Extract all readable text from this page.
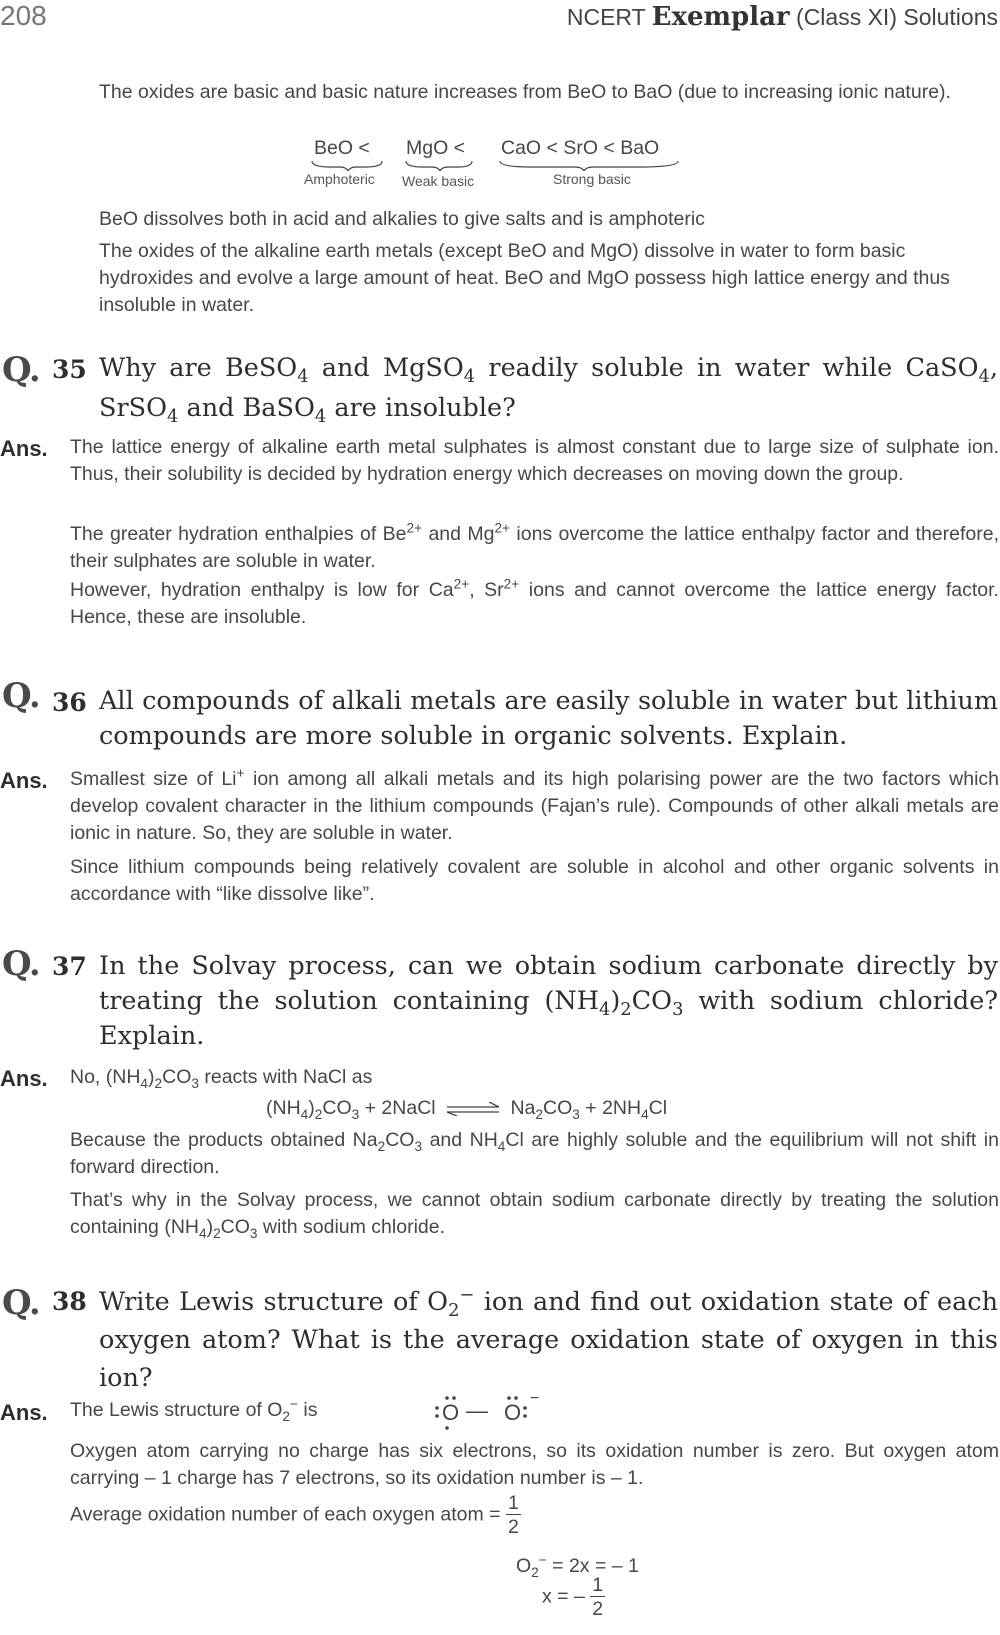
208	NCERT Exemplar (Class XI) Solutions
The oxides are basic and basic nature increases from BeO to BaO (due to increasing ionic nature).
BeO < MgO < CaO < SrO < BaO
Amphoteric Weak basic	Strong basic
BeO dissolves both in acid and alkalies to give salts and is amphoteric
The oxides of the alkaline earth metals (except BeO and MgO) dissolve in water to form basic hydroxides and evolve a large amount of heat. BeO and MgO possess high lattice energy and thus insoluble in water.
Q. 35 Why are BeSO$_4$ and MgSO$_4$ readily soluble in water while CaSO$_4$,
SrSO$_4$ and BaSO$_4$ are insoluble?
Ans. The lattice energy of alkaline earth metal sulphates is almost constant due to large size of sulphate ion. Thus, their solubility is decided by hydration energy which decreases on moving down the group.
The greater hydration enthalpies of $Be^{2+}$ and $Mg^{2+}$ ions overcome the lattice enthalpy factor and therefore, their sulphates are soluble in water.
However, hydration enthalpy is low for $Ca^{2+}$, $Sr^{2+}$ ions and cannot overcome the lattice energy factor. Hence, these are insoluble.
Q. 36 All compounds of alkali metals are easily soluble in water but lithium compounds are more soluble in organic solvents. Explain.
Ans. Smallest size of Li+ ion among all alkali metals and its high polarising power are the two factors which develop covalent character in the lithium compounds (Fajan’s rule). Compounds of other alkali metals are ionic in nature. So, they are soluble in water.
Since lithium compounds being relatively covalent are soluble in alcohol and other organic solvents in accordance with “like dissolve like”.
Q. 37 In the Solvay process, can we obtain sodium carbonate directly by treating the solution containing $(NH_4)_2CO_3$ with sodium chloride? Explain.
Ans. No, $(NH_4)_2CO_3$ reacts with NaCl as
$(NH_4)_2CO_3$ + 2NaCl ⇌ $Na_2CO_3 + 2NH_4Cl$
Because the products obtained $Na_2CO_3$ and $NH_4Cl$ are highly soluble and the equilibrium will not shift in forward direction.
That’s why in the Solvay process, we cannot obtain sodium carbonate directly by treating the solution containing $(NH_4)_2CO_3$ with sodium chloride.
Q. 38 Write Lewis structure of $O_2^-$ ion and find out oxidation state of each oxygen atom? What is the average oxidation state of oxygen in this ion?
Ans. The Lewis structure of $O_2^-$ is	O — O
−
Oxygen atom carrying no charge has six electrons, so its oxidation number is zero. But oxygen atom carrying – 1 charge has 7 electrons, so its oxidation number is – 1.
Average oxidation number of each oxygen atom = $\frac{1}{2}$
$O_2^- = 2x$ = – 1
x = – $\frac{1}{2}$
